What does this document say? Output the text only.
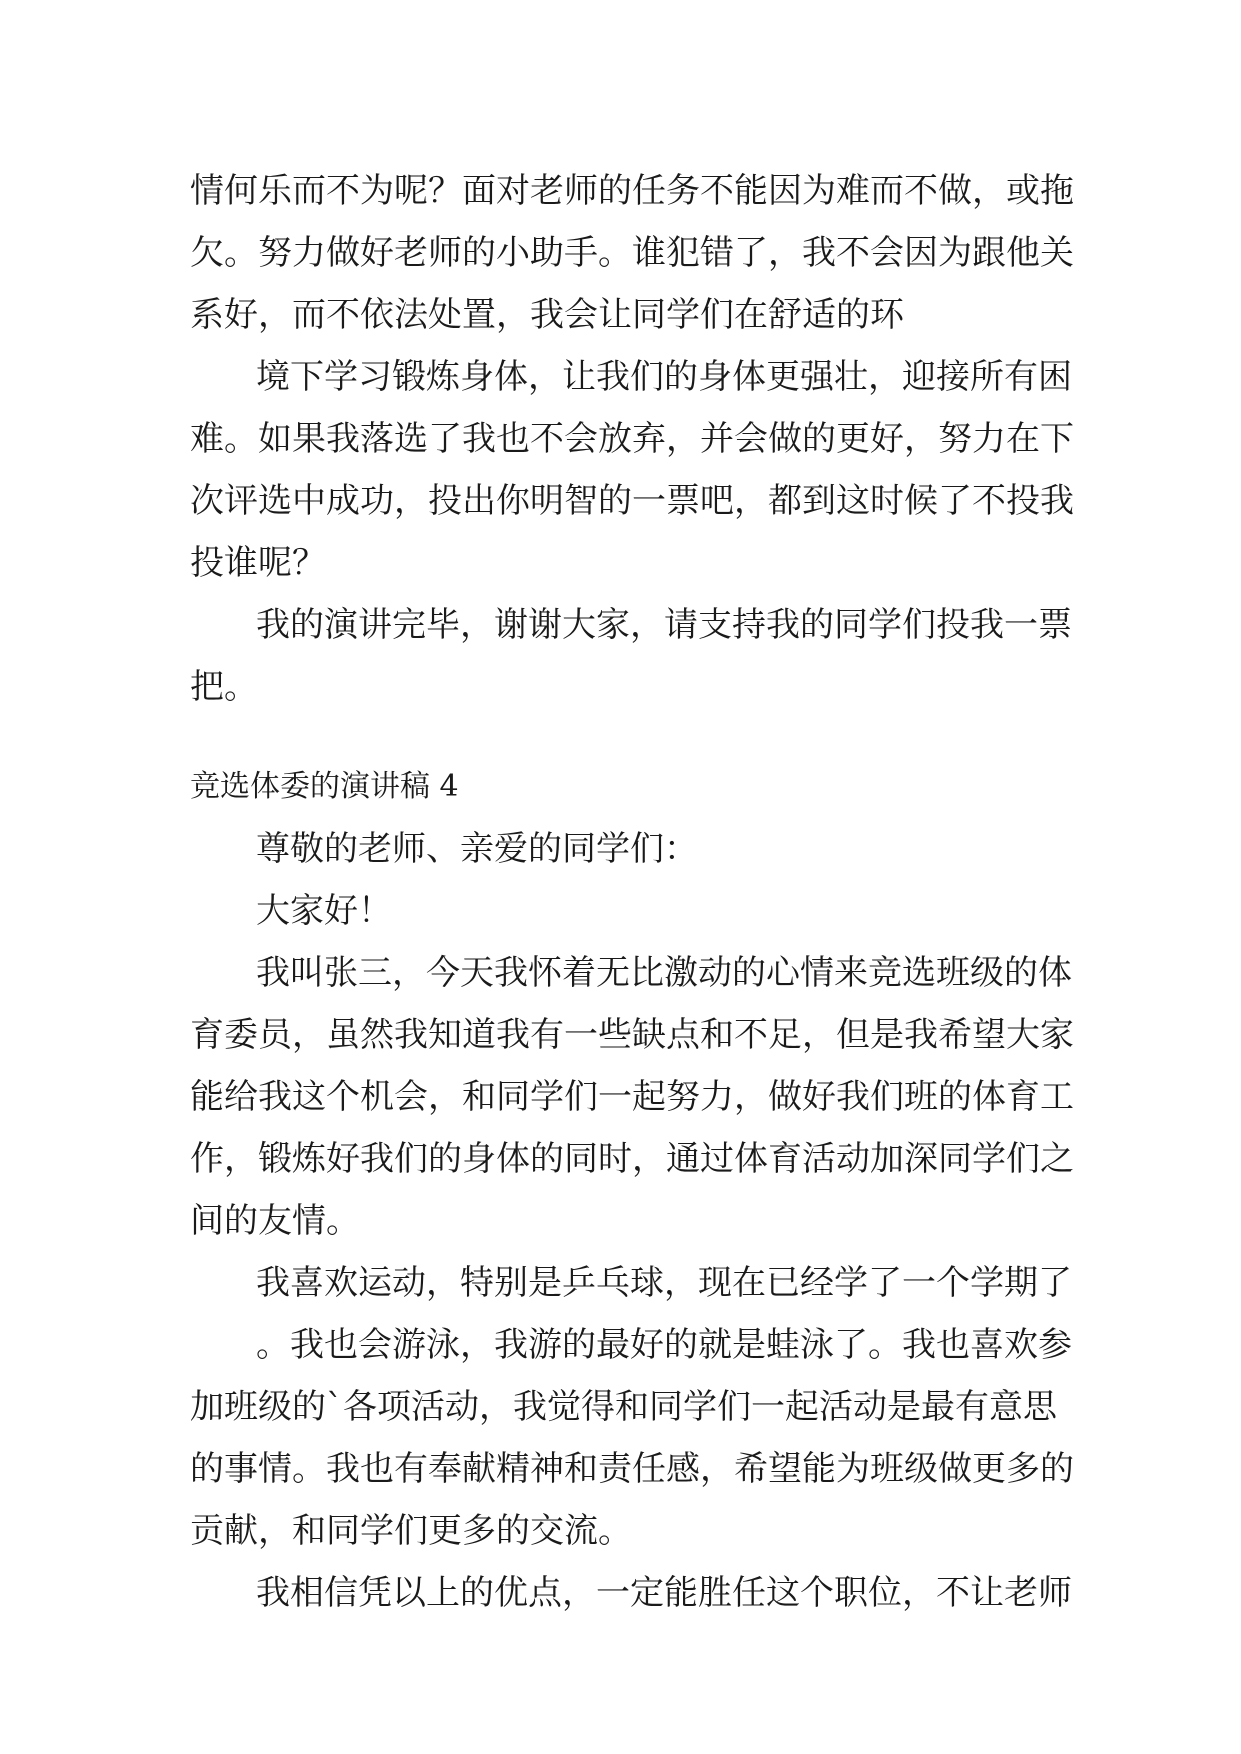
情何乐而不为呢？面对老师的任务不能因为难而不做，或拖
欠。努力做好老师的小助手。谁犯错了，我不会因为跟他关
系好，而不依法处置，我会让同学们在舒适的环
境下学习锻炼身体，让我们的身体更强壮，迎接所有困
难。如果我落选了我也不会放弃，并会做的更好，努力在下
次评选中成功，投出你明智的一票吧，都到这时候了不投我
投谁呢？
我的演讲完毕，谢谢大家，请支持我的同学们投我一票
把。
竞选体委的演讲稿 4
尊敬的老师、亲爱的同学们：
大家好！
我叫张三，今天我怀着无比激动的心情来竞选班级的体
育委员，虽然我知道我有一些缺点和不足，但是我希望大家
能给我这个机会，和同学们一起努力，做好我们班的体育工
作，锻炼好我们的身体的同时，通过体育活动加深同学们之
间的友情。
我喜欢运动，特别是乒乓球，现在已经学了一个学期了
。我也会游泳，我游的最好的就是蛙泳了。我也喜欢参
加班级的`各项活动，我觉得和同学们一起活动是最有意思
的事情。我也有奉献精神和责任感，希望能为班级做更多的
贡献，和同学们更多的交流。
我相信凭以上的优点，一定能胜任这个职位，不让老师
